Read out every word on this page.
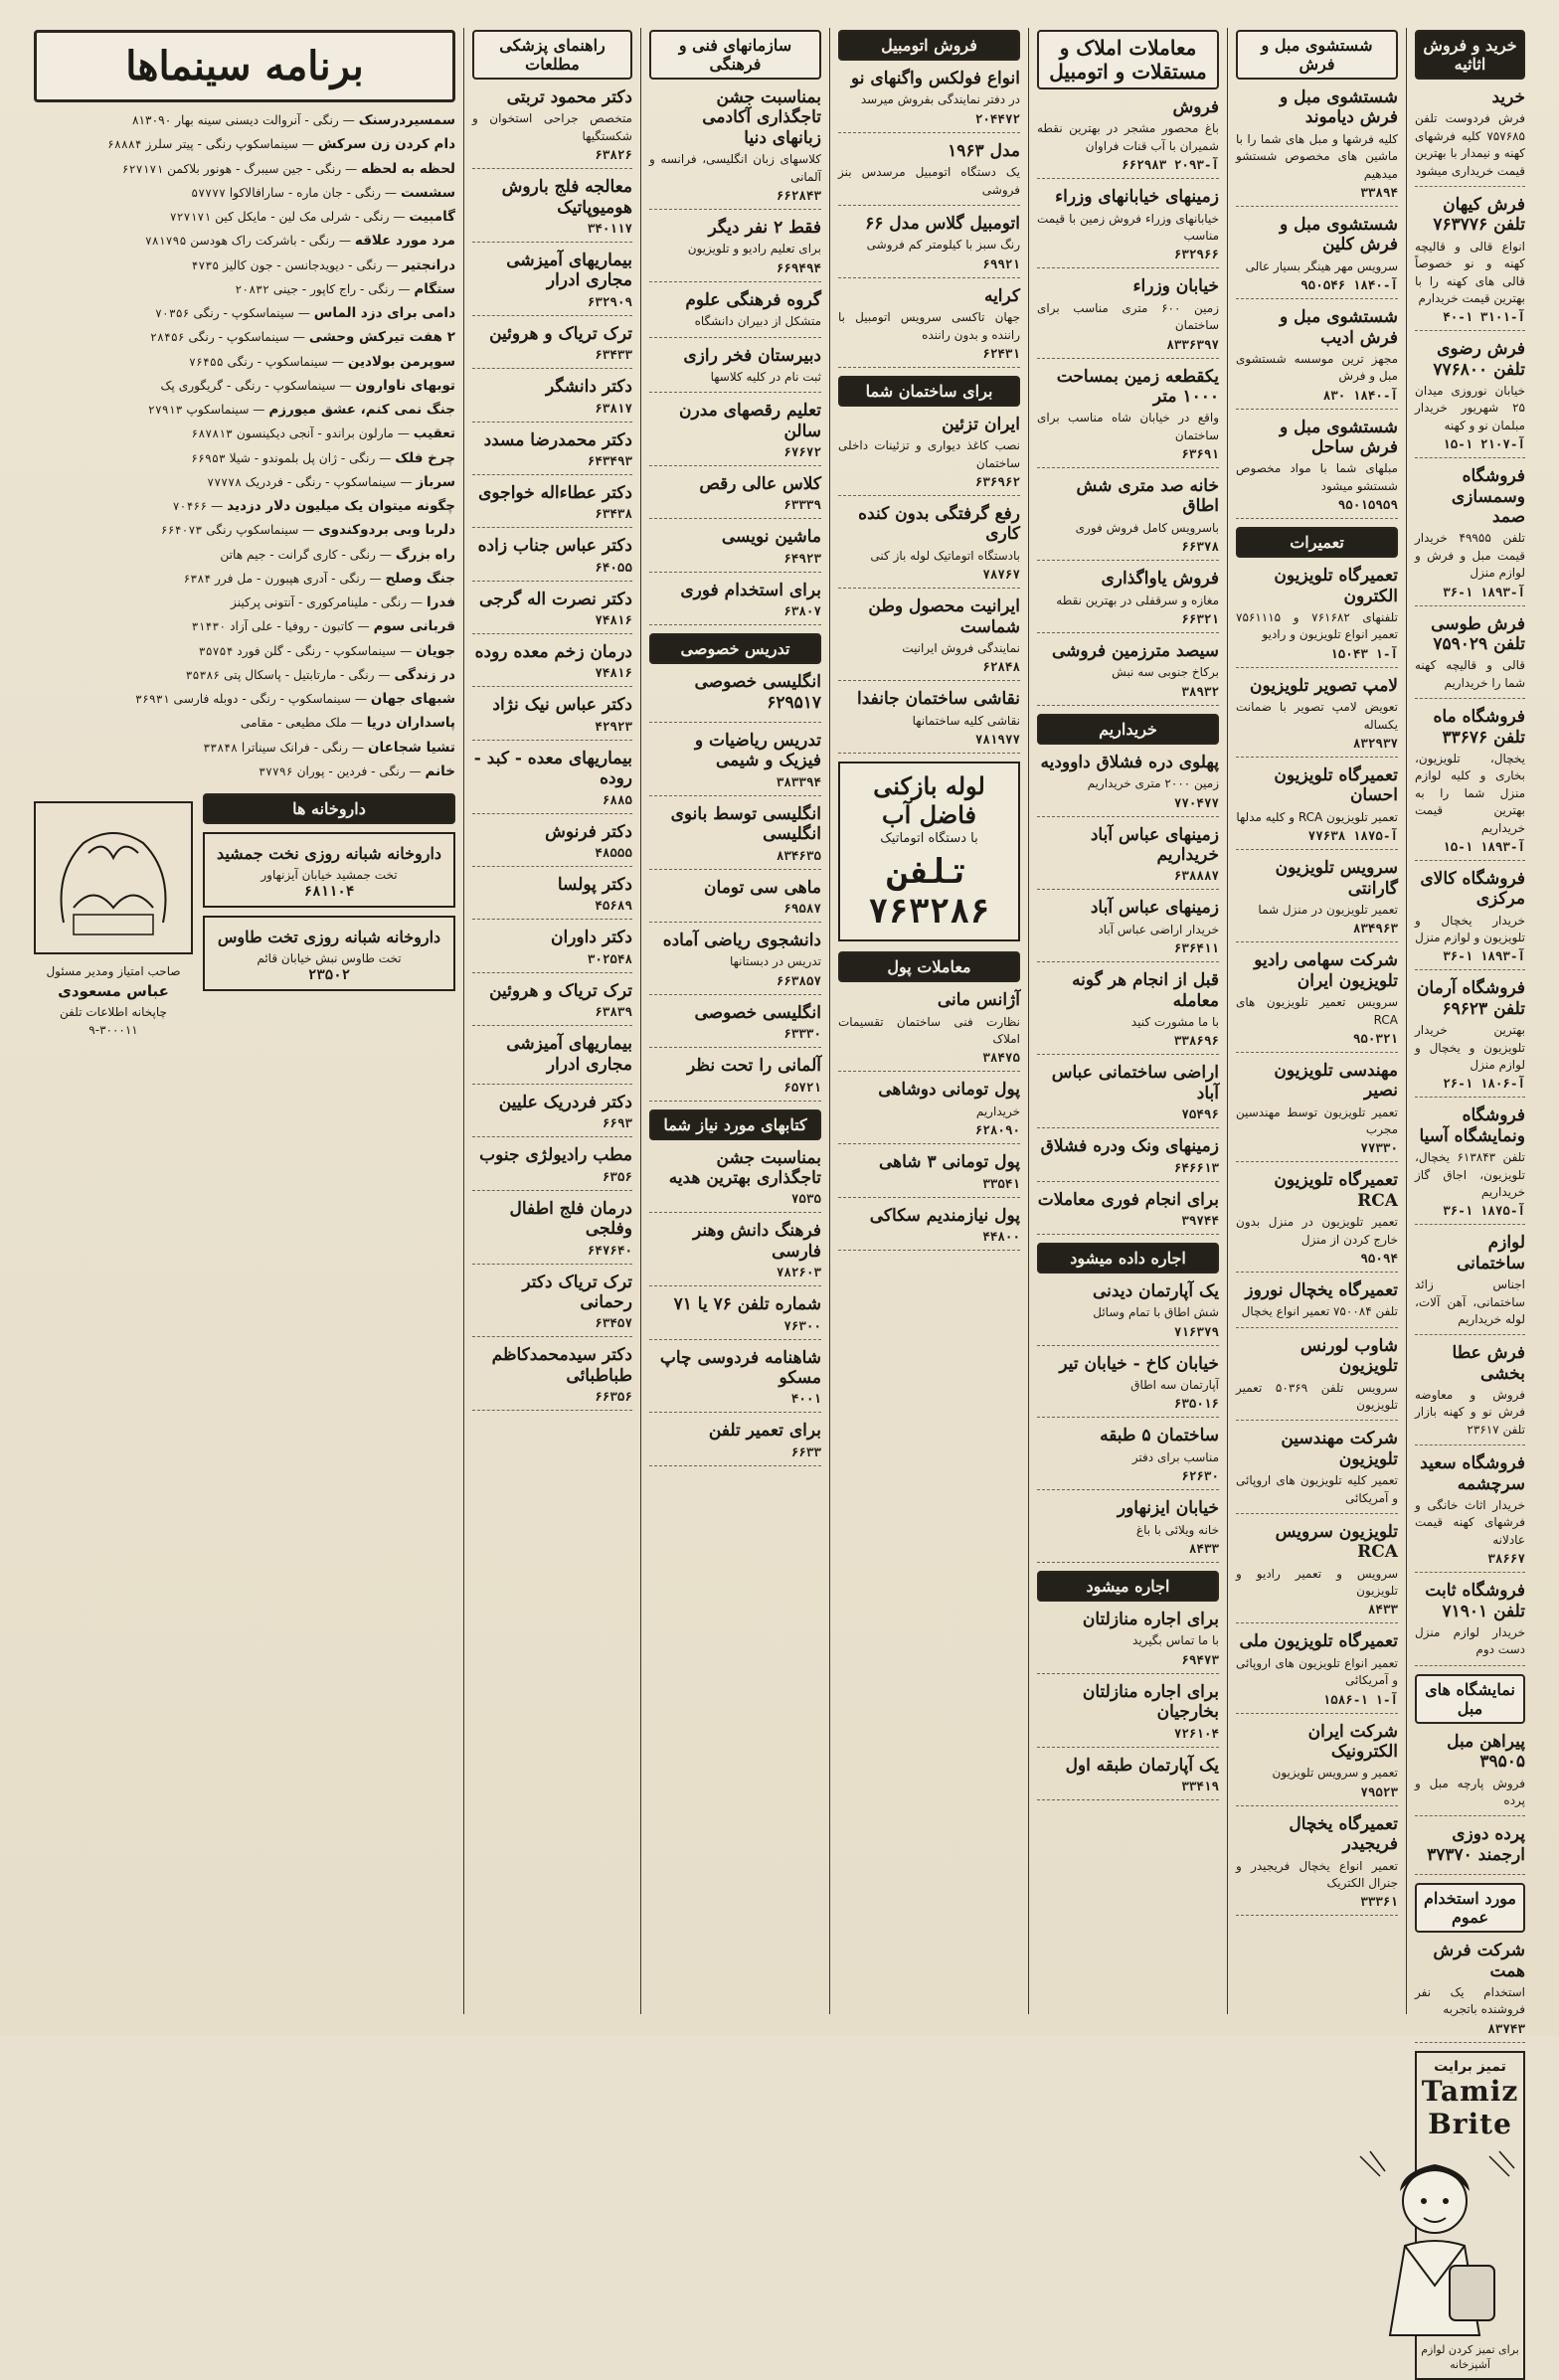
خرید و فروش اثاثیه
خرید

فرش فردوست تلفن ۷۵۷۶۸۵ کلیه فرشهای کهنه و نیمدار با بهترین قیمت خریداری میشود

فرش کیهان تلفن ۷۶۳۷۷۶

انواع قالی و قالیچه کهنه و نو خصوصاً قالی های کهنه را با بهترین قیمت خریدارم

۴۰-۱ آ-۳۱۰۱
فرش رضوی تلفن ۷۷۶۸۰۰

خیابان نوروزی میدان ۲۵ شهریور خریدار مبلمان نو و کهنه

۱۵-۱ آ-۲۱۰۷
فروشگاه وسمسازی صمد

تلفن ۴۹۹۵۵ خریدار قیمت مبل و فرش و لوازم منزل

۳۶-۱ آ-۱۸۹۳
فرش طوسی تلفن ۷۵۹۰۲۹

قالی و قالیچه کهنه شما را خریداریم

فروشگاه ماه تلفن ۳۳۶۷۶

یخچال، تلویزیون، بخاری و کلیه لوازم منزل شما را به بهترین قیمت خریداریم

۱۵-۱ آ-۱۸۹۳
فروشگاه کالای مرکزی

خریدار یخچال و تلویزیون و لوازم منزل

۳۶-۱ آ-۱۸۹۳
فروشگاه آرمان تلفن ۶۹۶۲۳

بهترین خریدار تلویزیون و یخچال و لوازم منزل

۲۶-۱ آ-۱۸۰۶
فروشگاه ونمایشگاه آسیا

تلفن ۶۱۳۸۴۳ یخچال، تلویزیون، اجاق گاز خریداریم

۳۶-۱ آ-۱۸۷۵
لوازم ساختمانی

اجناس زائد ساختمانی، آهن آلات، لوله خریداریم

فرش عطا بخشی

فروش و معاوضه فرش نو و کهنه بازار تلفن ۲۳۶۱۷

فروشگاه سعید سرچشمه

خریدار اثاث خانگی و فرشهای کهنه قیمت عادلانه

۳۸۶۶۷
فروشگاه ثابت تلفن ۷۱۹۰۱

خریدار لوازم منزل دست دوم

نمایشگاه های مبل
پیراهن مبل ۳۹۵۰۵

فروش پارچه مبل و پرده

پرده دوزی ارجمند ۳۷۳۷۰
مورد استخدام عموم
شرکت فرش همت

استخدام یک نفر فروشنده باتجربه

۸۳۷۴۳
تمیز برایت
Tamiz Brite
برای تمیز کردن لوازم آشپزخانه
شستشوی مبل و فرش
شستشوی مبل و فرش دیاموند

کلیه فرشها و مبل های شما را با ماشین های مخصوص شستشو میدهیم

۳۳۸۹۴
شستشوی مبل و فرش کلین

سرویس مهر هینگر بسیار عالی

۹۵۰۵۴۶ آ-۱۸۴۰
شستشوی مبل و فرش ادیب

مجهز ترین موسسه شستشوی مبل و فرش

۸۳۰ آ-۱۸۴۰
شستشوی مبل و فرش ساحل

مبلهای شما با مواد مخصوص شستشو میشود

۹۵۰۱۵۹۵۹
تعمیرات
تعمیرگاه تلویزیون الکترون

تلفنهای ۷۶۱۶۸۲ و ۷۵۶۱۱۱۵ تعمیر انواع تلویزیون و رادیو

۱۵۰۴۳ آ-۱
لامپ تصویر تلویزیون

تعویض لامپ تصویر با ضمانت یکساله

۸۳۲۹۳۷
تعمیرگاه تلویزیون احسان

تعمیر تلویزیون RCA و کلیه مدلها

۷۷۶۳۸ آ-۱۸۷۵
سرویس تلویزیون گارانتی

تعمیر تلویزیون در منزل شما

۸۳۴۹۶۳
شرکت سهامی رادیو تلویزیون ایران

سرویس تعمیر تلویزیون های RCA

۹۵۰۳۲۱
مهندسی تلویزیون نصیر

تعمیر تلویزیون توسط مهندسین مجرب

۷۷۳۳۰
تعمیرگاه تلویزیون RCA

تعمیر تلویزیون در منزل بدون خارج کردن از منزل

۹۵۰۹۴
تعمیرگاه یخچال نوروز

تلفن ۷۵۰۰۸۴ تعمیر انواع یخچال

شاوب لورنس تلویزیون

سرویس تلفن ۵۰۳۶۹ تعمیر تلویزیون

شرکت مهندسین تلویزیون

تعمیر کلیه تلویزیون های اروپائی و آمریکائی

تلویزیون سرویس RCA

سرویس و تعمیر رادیو و تلویزیون

۸۴۳۳
تعمیرگاه تلویزیون ملی

تعمیر انواع تلویزیون های اروپائی و آمریکائی

۱۵۸۶-۱ آ-۱
شرکت ایران الکترونیک

تعمیر و سرویس تلویزیون

۷۹۵۲۳
تعمیرگاه یخچال فریجیدر

تعمیر انواع یخچال فریجیدر و جنرال الکتریک

۳۳۳۶۱
معاملات املاک و مستقلات و اتومبیل
فروش

باغ محصور مشجر در بهترین نقطه شمیران با آب قنات فراوان

۶۶۲۹۸۳ آ-۲۰۹۳
زمینهای خیابانهای وزراء

خیابانهای وزراء فروش زمین با قیمت مناسب

۶۳۲۹۶۶
خیابان وزراء

زمین ۶۰۰ متری مناسب برای ساختمان

۸۳۳۶۳۹۷
یکقطعه زمین بمساحت ۱۰۰۰ متر

واقع در خیابان شاه مناسب برای ساختمان

۶۳۶۹۱
خانه صد متری شش اطاق

باسرویس کامل فروش فوری

۶۶۳۷۸
فروش یاواگذاری

مغازه و سرقفلی در بهترین نقطه

۶۶۳۲۱
سیصد مترزمین فروشی

برکاخ جنوبی سه نبش

۳۸۹۳۲
خریداریم
پهلوی دره فشلاق داوودیه

زمین ۲۰۰۰ متری خریداریم

۷۷۰۴۷۷
زمینهای عباس آباد خریداریم
۶۳۸۸۸۷
زمینهای عباس آباد

خریدار اراضی عباس آباد

۶۳۶۴۱۱
قبل از انجام هر گونه معامله

با ما مشورت کنید

۳۳۸۶۹۶
اراضی ساختمانی عباس آباد
۷۵۴۹۶
زمینهای ونک ودره فشلاق
۶۴۶۶۱۳
برای انجام فوری معاملات
۳۹۷۴۴
اجاره داده میشود
یک آپارتمان دیدنی

شش اطاق با تمام وسائل

۷۱۶۳۷۹
خیابان کاخ - خیابان تیر

آپارتمان سه اطاق

۶۳۵۰۱۶
ساختمان ۵ طبقه

مناسب برای دفتر

۶۲۶۳۰
خیابان ایزنهاور

خانه ویلائی با باغ

۸۴۳۳
اجاره میشود
برای اجاره منازلتان

با ما تماس بگیرید

۶۹۴۷۳
برای اجاره منازلتان بخارجیان
۷۲۶۱۰۴
یک آپارتمان طبقه اول
۳۳۴۱۹
فروش اتومبیل
انواع فولکس واگنهای نو

در دفتر نمایندگی بفروش میرسد

۲۰۴۴۷۲
مدل ۱۹۶۳

یک دستگاه اتومبیل مرسدس بنز فروشی

اتومبیل گلاس مدل ۶۶

رنگ سبز با کیلومتر کم فروشی

۶۹۹۲۱
کرایه

جهان تاکسی سرویس اتومبیل با راننده و بدون راننده

۶۲۴۳۱
برای ساختمان شما
ایران تزئین

نصب کاغذ دیواری و تزئینات داخلی ساختمان

۶۳۶۹۶۲
رفع گرفتگی بدون کنده کاری

بادستگاه اتوماتیک لوله باز کنی

۷۸۷۶۷
ایرانیت محصول وطن شماست

نمایندگی فروش ایرانیت

۶۲۸۴۸
نقاشی ساختمان جانفدا

نقاشی کلیه ساختمانها

۷۸۱۹۷۷
لوله بازکنی فاضل آب
با دستگاه اتوماتیک
تلفن ۷۶۳۲۸۶
معاملات پول
آژانس مانی

نظارت فنی ساختمان تقسیمات املاک

۳۸۴۷۵
پول تومانی دوشاهی

خریداریم

۶۲۸۰۹۰
پول تومانی ۳ شاهی
۳۳۵۴۱
پول نیازمندیم سکاکی
۴۴۸۰۰
سازمانهای فنی و فرهنگی
بمناسبت جشن تاجگذاری آکادمی زبانهای دنیا

کلاسهای زبان انگلیسی، فرانسه و آلمانی

۶۶۲۸۴۳
فقط ۲ نفر دیگر

برای تعلیم رادیو و تلویزیون

۶۶۹۴۹۴
گروه فرهنگی علوم

متشکل از دبیران دانشگاه

دبیرستان فخر رازی

ثبت نام در کلیه کلاسها

تعلیم رقصهای مدرن سالن
۶۷۶۷۲
کلاس عالی رقص
۶۳۳۳۹
ماشین نویسی
۶۴۹۲۳
برای استخدام فوری
۶۳۸۰۷
تدریس خصوصی
انگلیسی خصوصی ۶۲۹۵۱۷
تدریس ریاضیات و فیزیک و شیمی
۳۸۳۳۹۴
انگلیسی توسط بانوی انگلیسی
۸۳۴۶۳۵
ماهی سی تومان
۶۹۵۸۷
دانشجوی ریاضی آماده

تدریس در دبستانها

۶۶۳۸۵۷
انگلیسی خصوصی
۶۳۳۳۰
آلمانی را تحت نظر
۶۵۷۲۱
کتابهای مورد نیاز شما
بمناسبت جشن تاجگذاری بهترین هدیه
۷۵۳۵
فرهنگ دانش وهنر فارسی
۷۸۲۶۰۳
شماره تلفن ۷۶ یا ۷۱
۷۶۳۰۰
شاهنامه فردوسی چاپ مسکو
۴۰۰۱
برای تعمیر تلفن
۶۶۳۳
راهنمای پزشکی مطلعات
دکتر محمود تربتی

متخصص جراحی استخوان و شکستگیها

۶۳۸۲۶
معالجه فلج باروش هومیوپاتیک
۳۴۰۱۱۷
بیماریهای آمیزشی مجاری ادرار
۶۳۲۹۰۹
ترک تریاک و هروئین
۶۳۴۳۳
دکتر دانشگر
۶۳۸۱۷
دکتر محمدرضا مسدد
۶۴۳۴۹۳
دکتر عطاءاله خواجوی
۶۳۴۳۸
دکتر عباس جناب زاده
۶۴۰۵۵
دکتر نصرت اله گرجی
۷۴۸۱۶
درمان زخم معده روده
۷۴۸۱۶
دکتر عباس نیک نژاد
۴۲۹۲۳
بیماریهای معده - کبد - روده
۶۸۸۵
دکتر فرنوش
۴۸۵۵۵
دکتر پولسا
۴۵۶۸۹
دکتر داوران
۳۰۲۵۴۸
ترک تریاک و هروئین
۶۳۸۳۹
بیماریهای آمیزشی مجاری ادرار
دکتر فردریک علیین
۶۶۹۳
مطب رادیولژی جنوب
۶۳۵۶
درمان فلج اطفال وفلجی
۶۴۷۶۴۰
ترک تریاک دکتر رحمانی
۶۳۴۵۷
دکتر سیدمحمدکاظم طباطبائی
۶۶۳۵۶
برنامه سینماها

سمسیردرسنک — رنگی - آنروالت دیسنی سینه بهار ۸۱۳۰۹۰

دام کردن زن سرکش — سینماسکوپ رنگی - پیتر سلرز ۶۸۸۸۴

لحظه به لحظه — رنگی - جین سیبرگ - هونور بلاکمن ۶۲۷۱۷۱

سشست — رنگی - جان ماره - سارافالاکوا ۵۷۷۷۷

گامبیت — رنگی - شرلی مک لین - مایکل کین ۷۲۷۱۷۱

مرد مورد علاقه — رنگی - باشرکت راک هودسن ۷۸۱۷۹۵

درانجتیر — رنگی - دیویدجانسن - جون کالیز ۴۷۳۵

ستگام — رنگی - راج کاپور - جینی ۲۰۸۳۲

دامی برای دزد الماس — سینماسکوپ - رنگی ۷۰۳۵۶

۲ هفت تیرکش وحشی — سینماسکوپ - رنگی ۲۸۴۵۶

سوپرمن بولادین — سینماسکوپ - رنگی ۷۶۴۵۵

توبهای ناوارون — سینماسکوپ - رنگی - گریگوری پک

جنگ نمی کنم، عشق میورزم — سینماسکوپ ۲۷۹۱۳

تعقیب — مارلون براندو - آنجی دیکینسون ۶۸۷۸۱۳

چرخ فلک — رنگی - ژان پل بلموندو - شیلا ۶۶۹۵۳

سرباز — سینماسکوپ - رنگی - فردریک ۷۷۷۷۸

چگونه میتوان یک میلیون دلار دزدید — ۷۰۴۶۶

دلربا وبی بردوکندوی — سینماسکوپ رنگی ۶۶۴۰۷۳

راه بزرگ — رنگی - کاری گرانت - جیم هاتن

جنگ وصلح — رنگی - آدری هپبورن - مل فرر ۶۳۸۴

فدرا — رنگی - ملینامرکوری - آنتونی پرکینز

قربانی سوم — کاتبون - روفیا - علی آزاد ۳۱۴۳۰

جویان — سینماسکوپ - رنگی - گلن فورد ۳۵۷۵۴

در زندگی — رنگی - مارتابتیل - پاسکال پتی ۳۵۳۸۶

شبهای جهان — سینماسکوپ - رنگی - دوبله فارسی ۳۶۹۳۱

پاسداران دریا — ملک مطیعی - مقامی

تشیا شجاعان — رنگی - فرانک سیناترا ۳۳۸۴۸

خانم — رنگی - فردین - پوران ۳۷۷۹۶

داروخانه ها
داروخانه شبانه روزی نخت جمشید
تخت جمشید خیابان آیزنهاور
۶۸۱۱۰۴
داروخانه شبانه روزی تخت طاوس
تخت طاوس نبش خیابان قائم
۲۳۵۰۲
صاحب امتیاز ومدیر مسئول
عباس مسعودی
چاپخانه اطلاعات تلفن ۳۰۰۰۱۱-۹
